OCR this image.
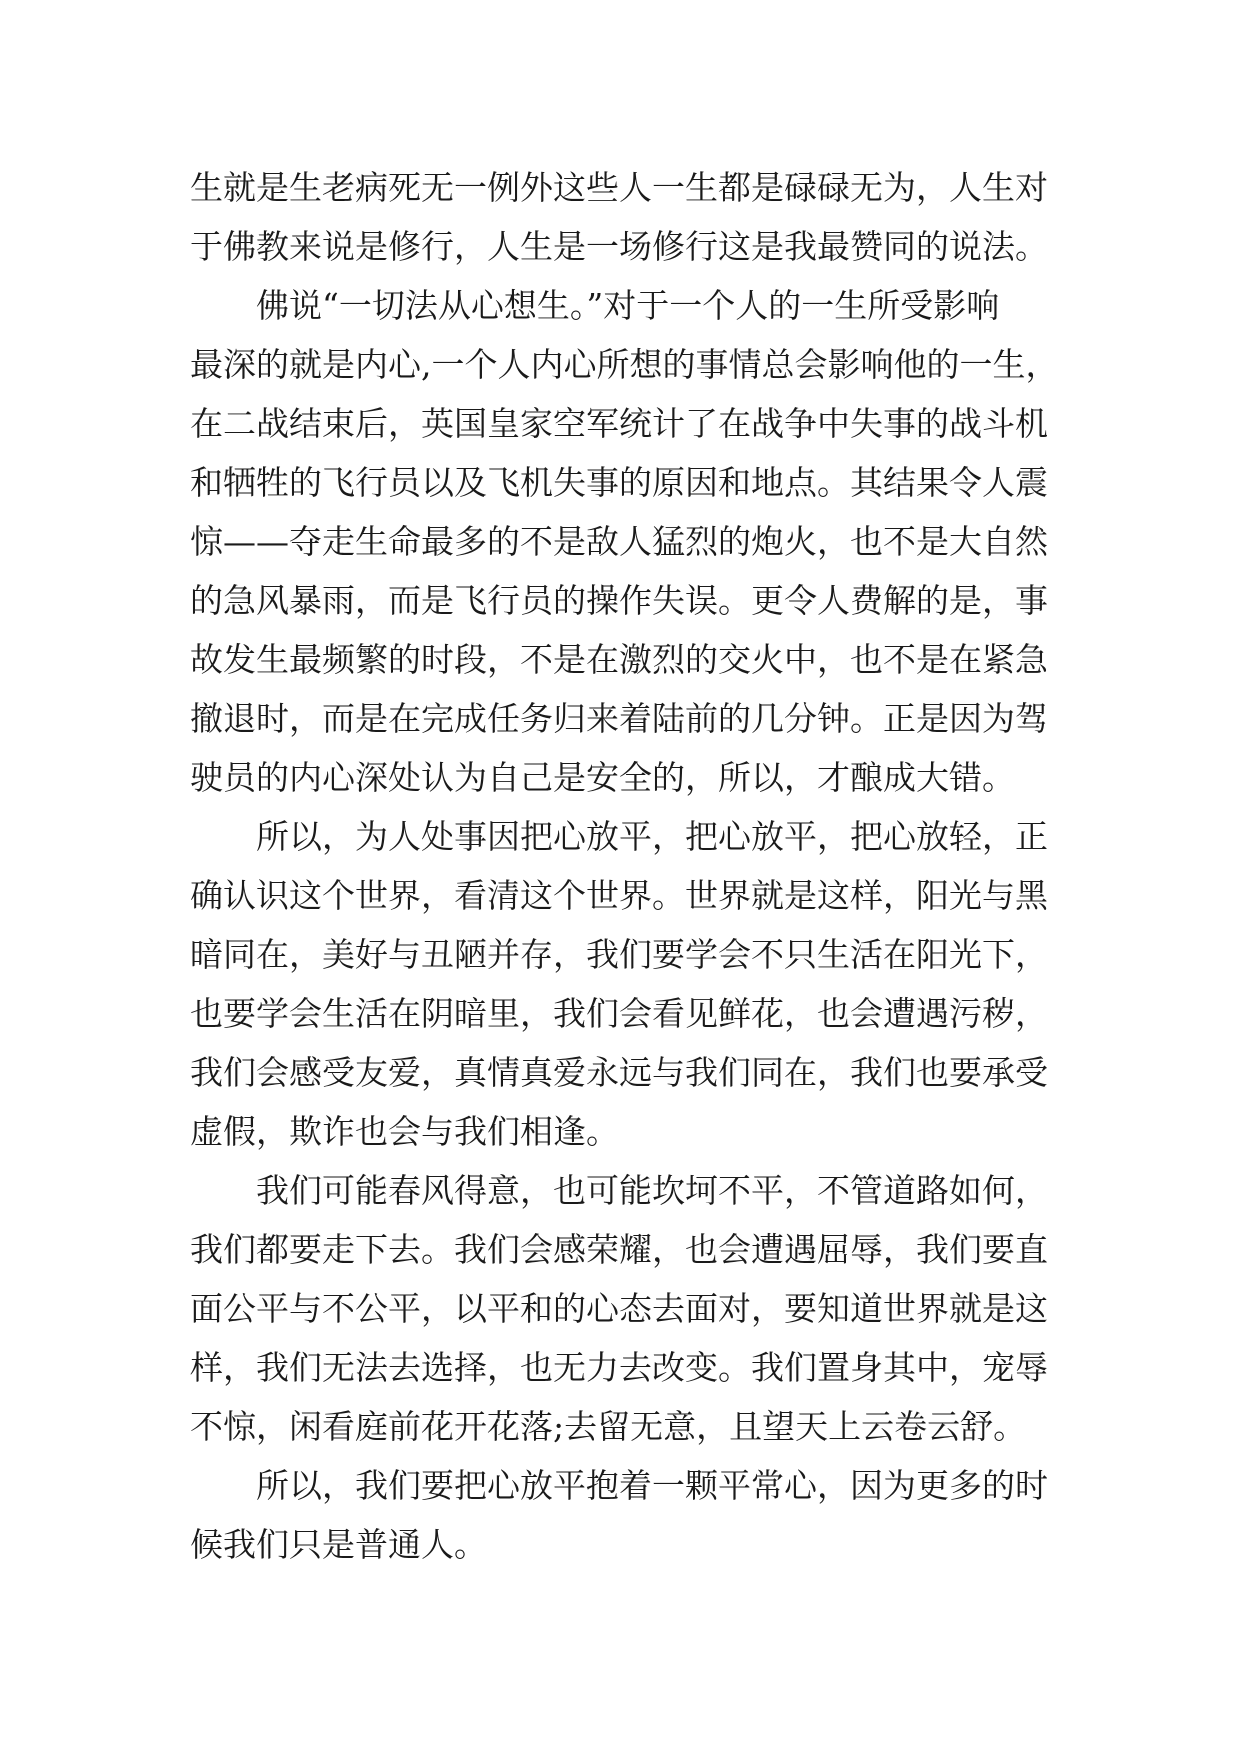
生就是生老病死无一例外这些人一生都是碌碌无为，人生对
于佛教来说是修行，人生是一场修行这是我最赞同的说法。
　　佛说“一切法从心想生。”对于一个人的一生所受影响
最深的就是内心,一个人内心所想的事情总会影响他的一生，
在二战结束后，英国皇家空军统计了在战争中失事的战斗机
和牺牲的飞行员以及飞机失事的原因和地点。其结果令人震
惊——夺走生命最多的不是敌人猛烈的炮火，也不是大自然
的急风暴雨，而是飞行员的操作失误。更令人费解的是，事
故发生最频繁的时段，不是在激烈的交火中，也不是在紧急
撤退时，而是在完成任务归来着陆前的几分钟。正是因为驾
驶员的内心深处认为自己是安全的，所以，才酿成大错。
　　所以，为人处事因把心放平，把心放平，把心放轻，正
确认识这个世界，看清这个世界。世界就是这样，阳光与黑
暗同在，美好与丑陋并存，我们要学会不只生活在阳光下，
也要学会生活在阴暗里，我们会看见鲜花，也会遭遇污秽，
我们会感受友爱，真情真爱永远与我们同在，我们也要承受
虚假，欺诈也会与我们相逢。
　　我们可能春风得意，也可能坎坷不平，不管道路如何，
我们都要走下去。我们会感荣耀，也会遭遇屈辱，我们要直
面公平与不公平，以平和的心态去面对，要知道世界就是这
样，我们无法去选择，也无力去改变。我们置身其中，宠辱
不惊，闲看庭前花开花落;去留无意，且望天上云卷云舒。
　　所以，我们要把心放平抱着一颗平常心，因为更多的时
候我们只是普通人。
